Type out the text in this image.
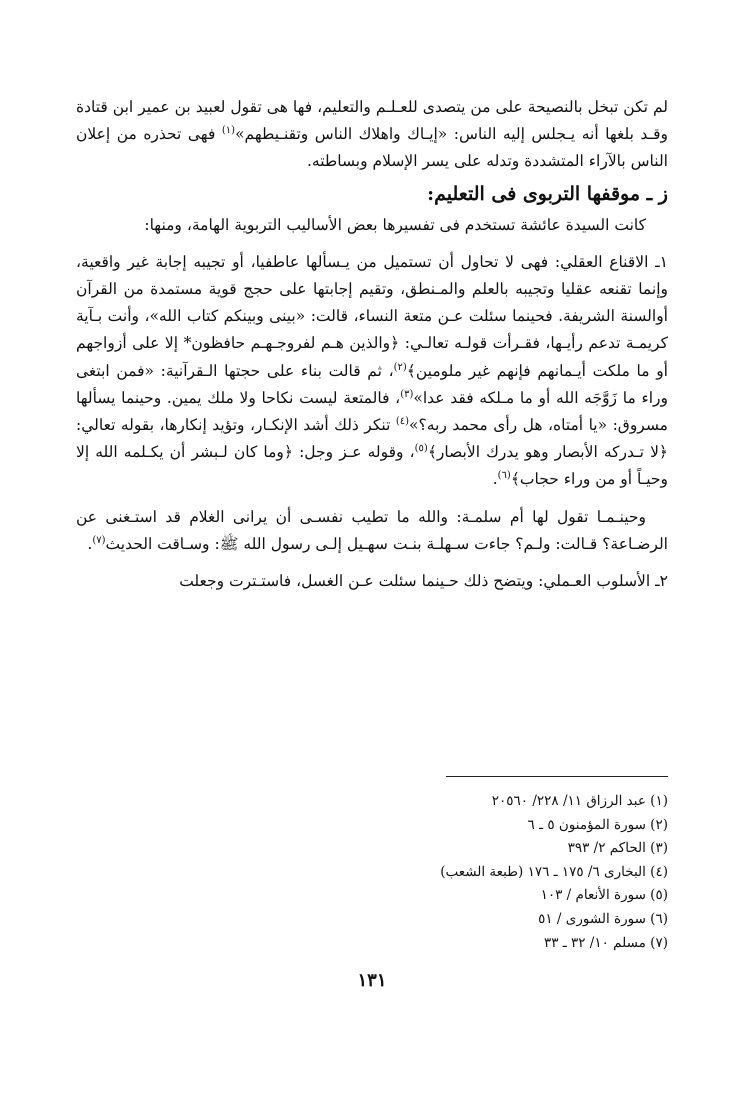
لم تكن تبخل بالنصيحة على من يتصدى للعـلـم والتعليم، فها هى تقول لعبيد بن عمير ابن قتادة وقـد بلغها أنه يـجلس إليه الناس: «إيـاك واهلاك الناس وتقنـيطهم»$^{(١)}$ فهى تحذره من إعلان الناس بالآراء المتشددة وتدله على يسر الإسلام وبساطته.

ز ـ موقفها التربوى فى التعليم:

كانت السيدة عائشة تستخدم فى تفسيرها بعض الأساليب التربوية الهامة، ومنها:

١ـ الاقناع العقلي: فهى لا تحاول أن تستميل من يـسألها عاطفيا، أو تجيبه إجابة غير واقعية، وإنما تقنعه عقليا وتجيبه بالعلم والمـنطق، وتقيم إجابتها على حجج قوية مستمدة من القرآن أوالسنة الشريفة. فحينما سئلت عـن متعة النساء، قالت: «بينى وبينكم كتاب الله»، وأنت بـآية كريمـة تدعم رأيـها، فقـرأت قولـه تعالـي: ﴿والذين هـم لفروجـهـم حافظون* إلا على أزواجهم أو ما ملكت أيـمانهم فإنهم غير ملومين﴾$^{(٢)}$، ثم قالت بناء على حجتها الـقرآنية: «فمن ابتغى وراء ما زَوَّجَه الله أو ما مـلكه فقد عدا»$^{(٣)}$، فالمتعة ليست نكاحا ولا ملك يمين. وحينما يسألها مسروق: «يا أمتاه، هل رأى محمد ربه؟»$^{(٤)}$ تنكر ذلك أشد الإنكـار، وتؤيد إنكارها، بقوله تعالي: ﴿لا تـدركه الأبصار وهو يدرك الأبصار﴾$^{(٥)}$، وقوله عـز وجل: ﴿وما كان لـبشر أن يكـلمه الله إلا وحيـاً أو من وراء حجاب﴾$^{(٦)}$.

وحينـمـا تقول لها أم سلمـة: والله ما تطيب نفسـى أن يرانى الغلام قد استـغنى عن الرضـاعة؟ قـالت: ولـم؟ جاءت سـهلـة بنـت سهـيل إلـى رسول الله ﷺ: وسـاقت الحديث$^{(٧)}$.

٢ـ الأسلوب العـملي: ويتضح ذلك حـينما سئلت عـن الغسل، فاستـترت وجعلت

(١) عبد الرزاق ١١/ ٢٢٨/ ٢٠٥٦٠
(٢) سورة المؤمنون ٥ ـ ٦
(٣) الحاكم ٢/ ٣٩٣
(٤) البخارى ٦/ ١٧٥ ـ ١٧٦ (طبعة الشعب)
(٥) سورة الأنعام / ١٠٣
(٦) سورة الشورى / ٥١
(٧) مسلم ١٠/ ٣٢ ـ ٣٣
١٣١
